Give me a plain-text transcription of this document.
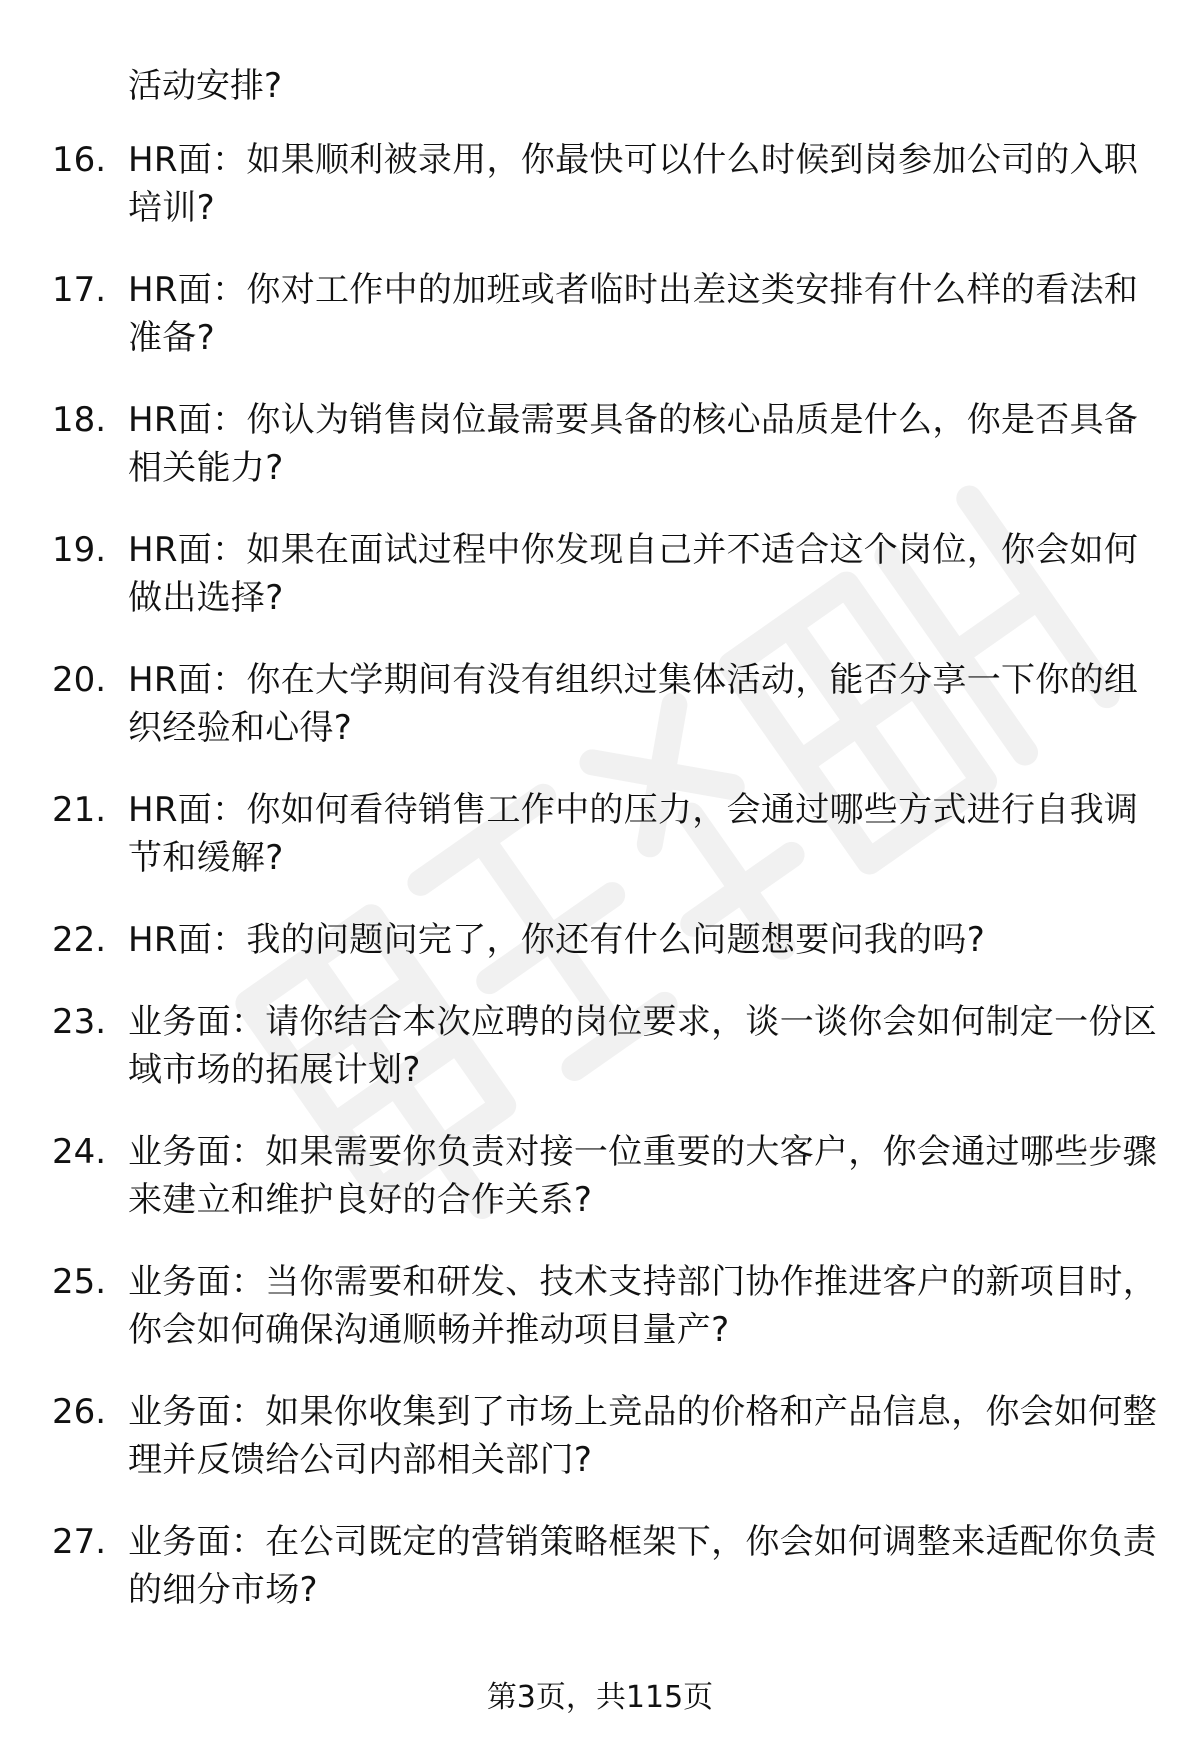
活动安排?

16. HR面：如果顺利被录用，你最快可以什么时候到岗参加公司的入职培训?
17. HR面：你对工作中的加班或者临时出差这类安排有什么样的看法和准备?
18. HR面：你认为销售岗位最需要具备的核心品质是什么，你是否具备相关能力?
19. HR面：如果在面试过程中你发现自己并不适合这个岗位，你会如何做出选择?
20. HR面：你在大学期间有没有组织过集体活动，能否分享一下你的组织经验和心得?
21. HR面：你如何看待销售工作中的压力，会通过哪些方式进行自我调节和缓解?
22. HR面：我的问题问完了，你还有什么问题想要问我的吗?
23. 业务面：请你结合本次应聘的岗位要求，谈一谈你会如何制定一份区域市场的拓展计划?
24. 业务面：如果需要你负责对接一位重要的大客户，你会通过哪些步骤来建立和维护良好的合作关系?
25. 业务面：当你需要和研发、技术支持部门协作推进客户的新项目时，你会如何确保沟通顺畅并推动项目量产?
26. 业务面：如果你收集到了市场上竞品的价格和产品信息，你会如何整理并反馈给公司内部相关部门?
27. 业务面：在公司既定的营销策略框架下，你会如何调整来适配你负责的细分市场?
第3页，共115页
